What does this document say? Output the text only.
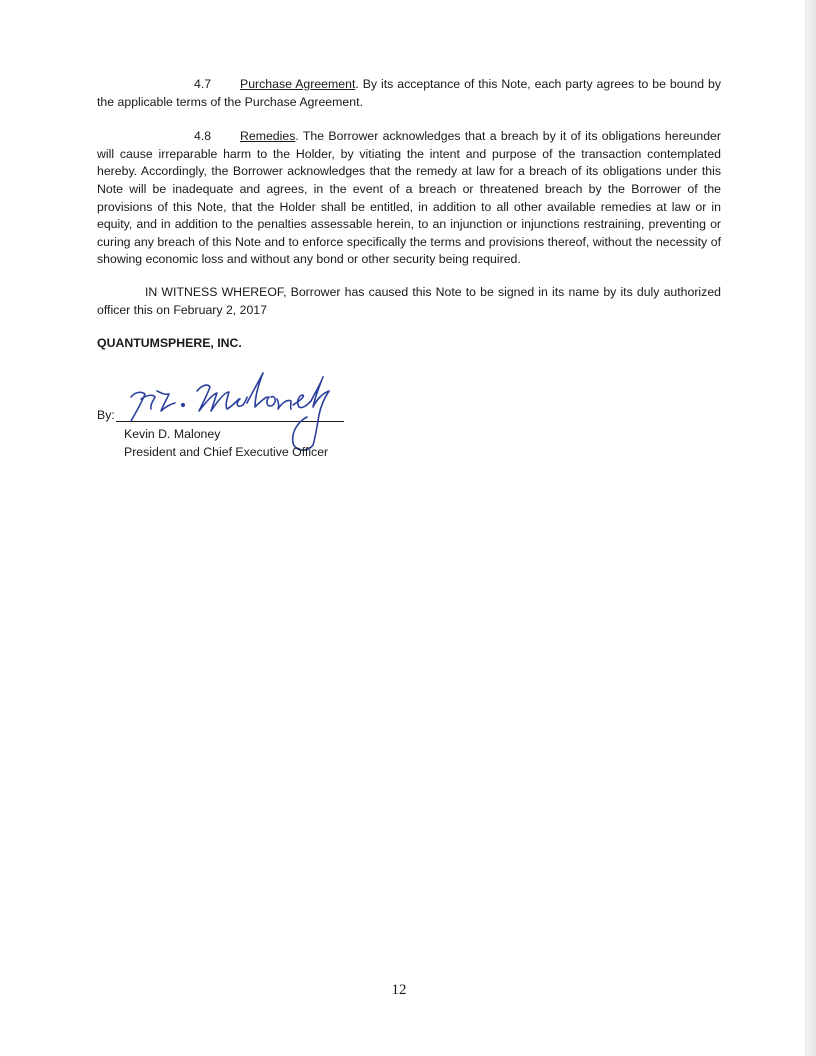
4.7 Purchase Agreement. By its acceptance of this Note, each party agrees to be bound by the applicable terms of the Purchase Agreement.

4.8 Remedies. The Borrower acknowledges that a breach by it of its obligations hereunder will cause irreparable harm to the Holder, by vitiating the intent and purpose of the transaction contemplated hereby. Accordingly, the Borrower acknowledges that the remedy at law for a breach of its obligations under this Note will be inadequate and agrees, in the event of a breach or threatened breach by the Borrower of the provisions of this Note, that the Holder shall be entitled, in addition to all other available remedies at law or in equity, and in addition to the penalties assessable herein, to an injunction or injunctions restraining, preventing or curing any breach of this Note and to enforce specifically the terms and provisions thereof, without the necessity of showing economic loss and without any bond or other security being required.

IN WITNESS WHEREOF, Borrower has caused this Note to be signed in its name by its duly authorized officer this on February 2, 2017

QUANTUMSPHERE, INC.
By:
Kevin D. Maloney
President and Chief Executive Officer
12
